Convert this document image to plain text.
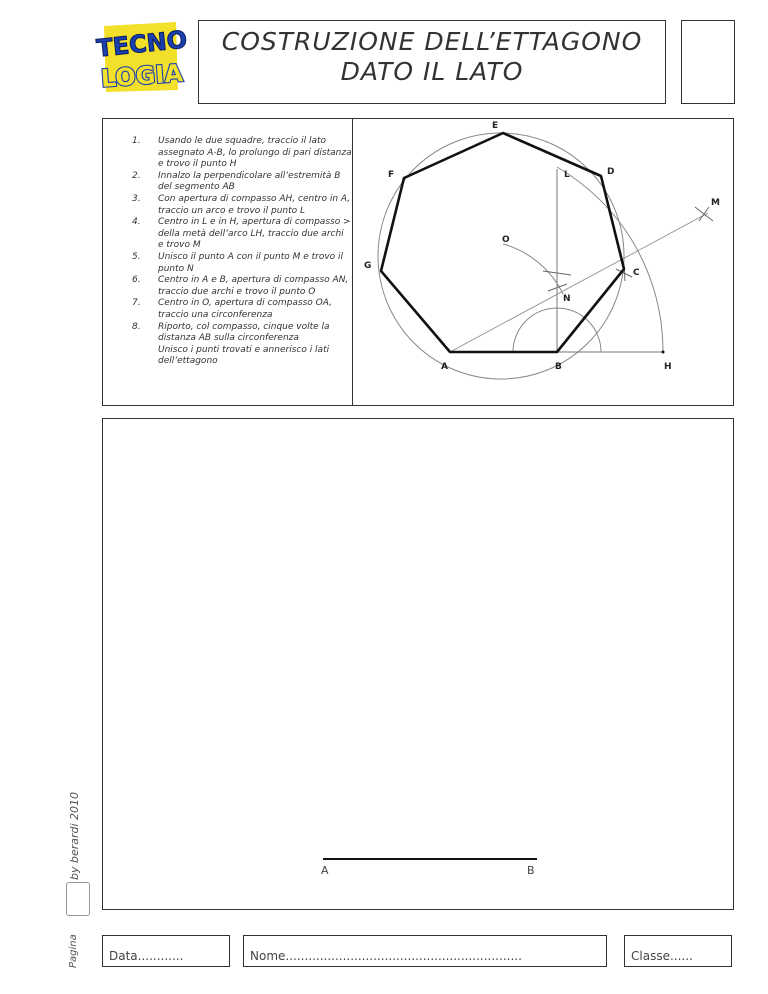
TECNO
LOGIA
COSTRUZIONE DELL’ETTAGONO
DATO IL LATO
1. Usando le due squadre, traccio il lato assegnato A-B, lo prolungo di pari distanza e trovo il punto H
2. Innalzo la perpendicolare all’estremità B del segmento AB
3. Con apertura di compasso AH, centro in A, traccio un arco e trovo il punto L
4. Centro in L e in H, apertura di compasso > della metà dell’arco LH, traccio due archi e trovo M
5. Unisco il punto A con il punto M e trovo il punto N
6. Centro in A e B, apertura di compasso AN, traccio due archi e trovo il punto O
7. Centro in O, apertura di compasso OA, traccio una circonferenza
8. Riporto, col compasso, cinque volte la distanza AB sulla circonferenza
Unisco i punti trovati e annerisco i lati dell’ettagono
A	B
C
D
E
F
G
H
L
M
N
O
A	B
by berardi 2010
Pagina	Data............	Nome..............................................................	Classe......
